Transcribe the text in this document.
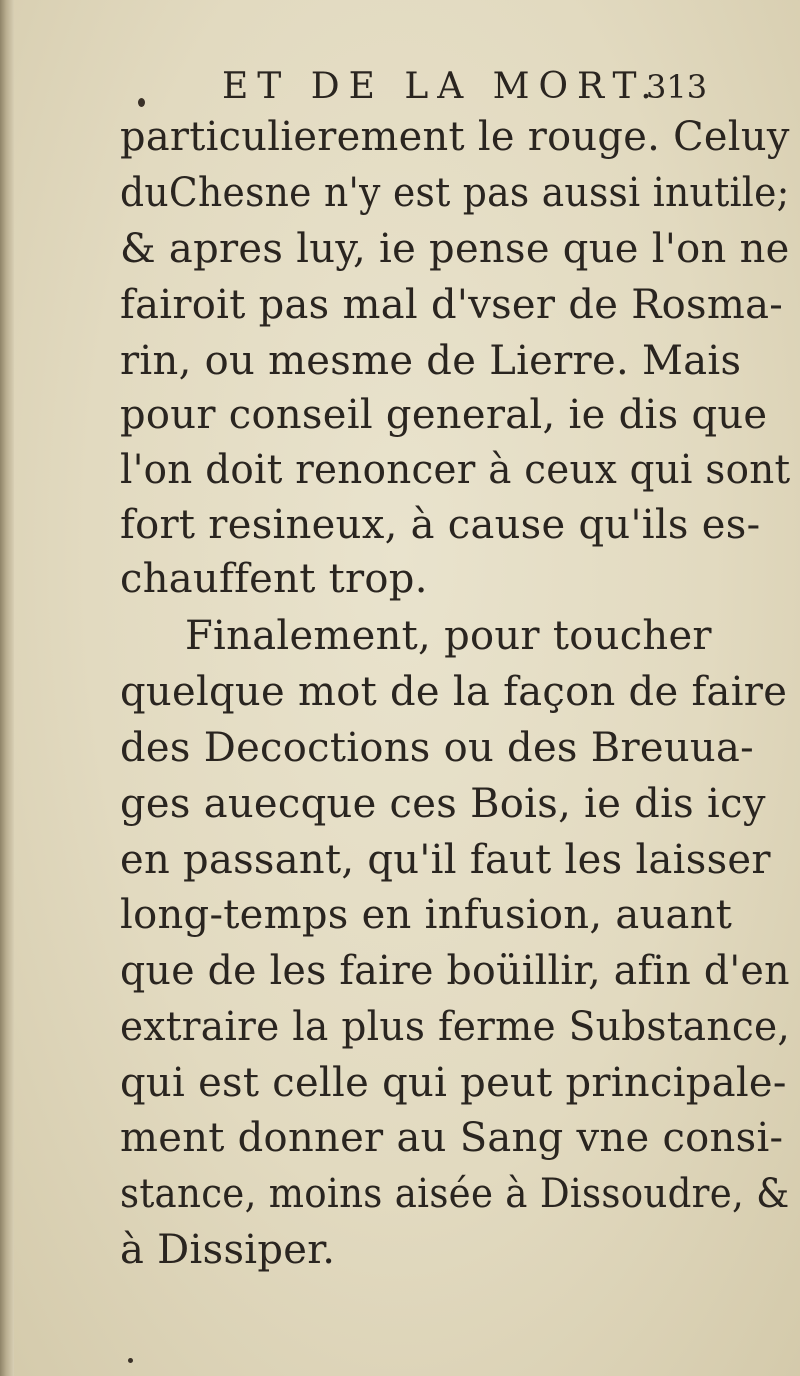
ET DE LA MORT.
313
particulierement le rouge. Celuy
duChesne n'y est pas aussi inutile;
& apres luy, ie pense que l'on ne
fairoit pas mal d'vser de Rosma-
rin, ou mesme de Lierre. Mais
pour conseil general, ie dis que
l'on doit renoncer à ceux qui sont
fort resineux, à cause qu'ils es-
chauffent trop.
Finalement, pour toucher
quelque mot de la façon de faire
des Decoctions ou des Breuua-
ges auecque ces Bois, ie dis icy
en passant, qu'il faut les laisser
long-temps en infusion, auant
que de les faire boüillir, afin d'en
extraire la plus ferme Substance,
qui est celle qui peut principale-
ment donner au Sang vne consi-
stance, moins aisée à Dissoudre, &
à Dissiper.
